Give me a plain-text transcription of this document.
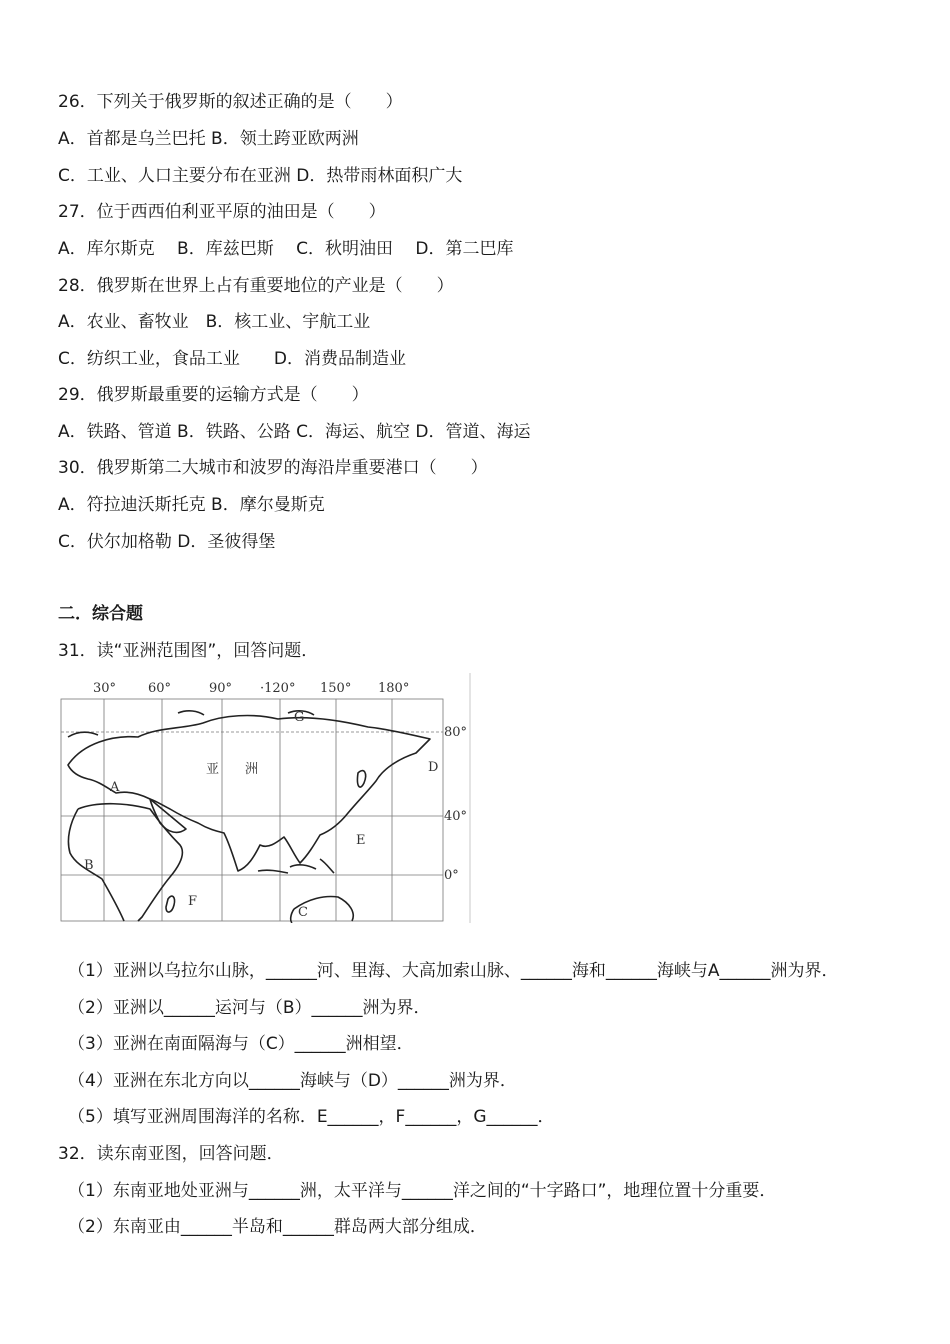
26．下列关于俄罗斯的叙述正确的是（　　）
A．首都是乌兰巴托 B．领土跨亚欧两洲
C．工业、人口主要分布在亚洲 D．热带雨林面积广大
27．位于西西伯利亚平原的油田是（　　）
A．库尔斯克　 B．库兹巴斯　 C．秋明油田　 D．第二巴库
28．俄罗斯在世界上占有重要地位的产业是（　　）
A．农业、畜牧业　B．核工业、宇航工业
C．纺织工业，食品工业　　D．消费品制造业
29．俄罗斯最重要的运输方式是（　　）
A．铁路、管道 B．铁路、公路 C．海运、航空 D．管道、海运
30．俄罗斯第二大城市和波罗的海沿岸重要港口（　　）
A．符拉迪沃斯托克 B．摩尔曼斯克
C．伏尔加格勒 D．圣彼得堡
二．综合题
31．读“亚洲范围图”，回答问题．
30° 60°	90° ·120° 150° 180°
80°
40°
0°
亚　　洲
A
B
C
D
E
F
G
（1）亚洲以乌拉尔山脉，______河、里海、大高加索山脉、______海和______海峡与A______洲为界．
（2）亚洲以______运河与（B）______洲为界．
（3）亚洲在南面隔海与（C）______洲相望．
（4）亚洲在东北方向以______海峡与（D）______洲为界．
（5）填写亚洲周围海洋的名称．E______，F______，G______．
32．读东南亚图，回答问题．
（1）东南亚地处亚洲与______洲，太平洋与______洋之间的“十字路口”，地理位置十分重要．
（2）东南亚由______半岛和______群岛两大部分组成．
